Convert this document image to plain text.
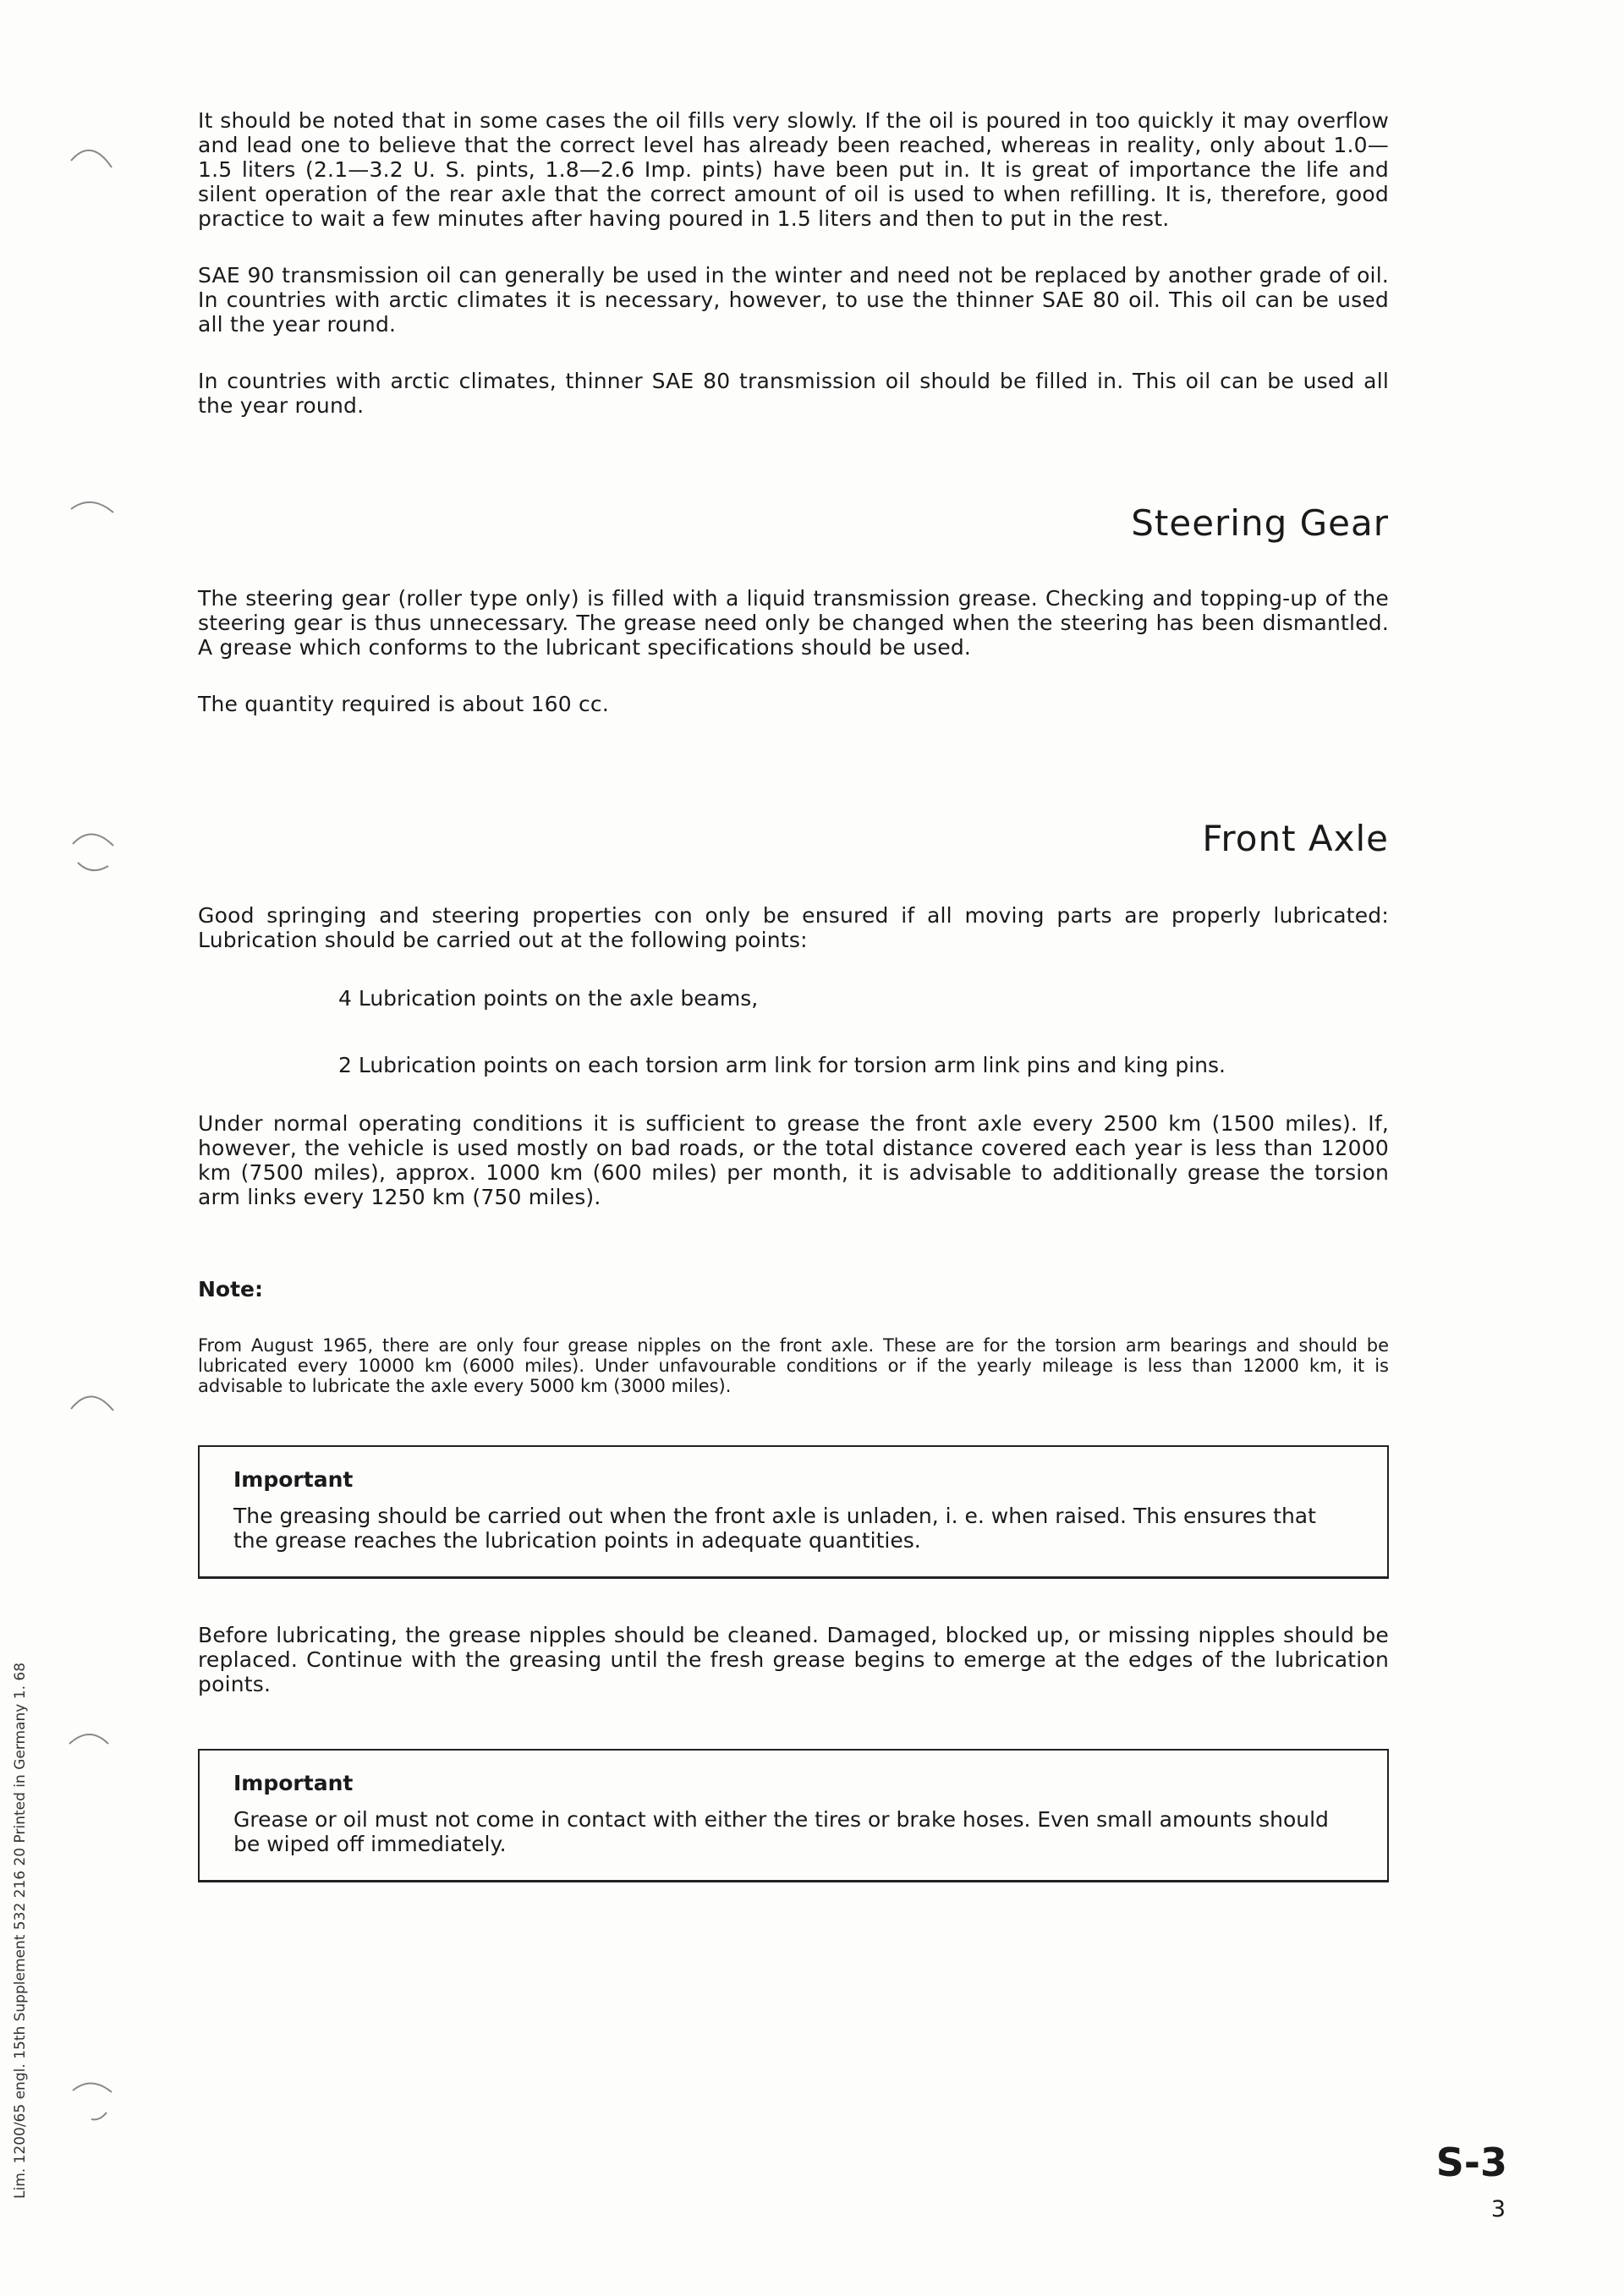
It should be noted that in some cases the oil fills very slowly. If the oil is poured in too quickly it may overflow and lead one to believe that the correct level has already been reached, whereas in reality, only about 1.0—1.5 liters (2.1—3.2 U. S. pints, 1.8—2.6 Imp. pints) have been put in. It is great of importance the life and silent operation of the rear axle that the correct amount of oil is used to when refilling. It is, therefore, good practice to wait a few minutes after having poured in 1.5 liters and then to put in the rest.

SAE 90 transmission oil can generally be used in the winter and need not be replaced by another grade of oil. In countries with arctic climates it is necessary, however, to use the thinner SAE 80 oil. This oil can be used all the year round.

In countries with arctic climates, thinner SAE 80 transmission oil should be filled in. This oil can be used all the year round.

Steering Gear

The steering gear (roller type only) is filled with a liquid transmission grease. Checking and topping-up of the steering gear is thus unnecessary. The grease need only be changed when the steering has been dismantled. A grease which conforms to the lubricant specifications should be used.

The quantity required is about 160 cc.

Front Axle

Good springing and steering properties con only be ensured if all moving parts are properly lubricated: Lubrication should be carried out at the following points:

4 Lubrication points on the axle beams,

2 Lubrication points on each torsion arm link for torsion arm link pins and king pins.

Under normal operating conditions it is sufficient to grease the front axle every 2500 km (1500 miles). If, however, the vehicle is used mostly on bad roads, or the total distance covered each year is less than 12000 km (7500 miles), approx. 1000 km (600 miles) per month, it is advisable to additionally grease the torsion arm links every 1250 km (750 miles).

Note:

From August 1965, there are only four grease nipples on the front axle. These are for the torsion arm bearings and should be lubricated every 10000 km (6000 miles). Under unfavourable conditions or if the yearly mileage is less than 12000 km, it is advisable to lubricate the axle every 5000 km (3000 miles).

Important

The greasing should be carried out when the front axle is unladen, i. e. when raised. This ensures that the grease reaches the lubrication points in adequate quantities.

Before lubricating, the grease nipples should be cleaned. Damaged, blocked up, or missing nipples should be replaced. Continue with the greasing until the fresh grease begins to emerge at the edges of the lubrication points.

Important

Grease or oil must not come in contact with either the tires or brake hoses. Even small amounts should be wiped off immediately.

Lim. 1200/65 engl. 15th Supplement 532 216 20 Printed in Germany 1. 68	S-3
3
